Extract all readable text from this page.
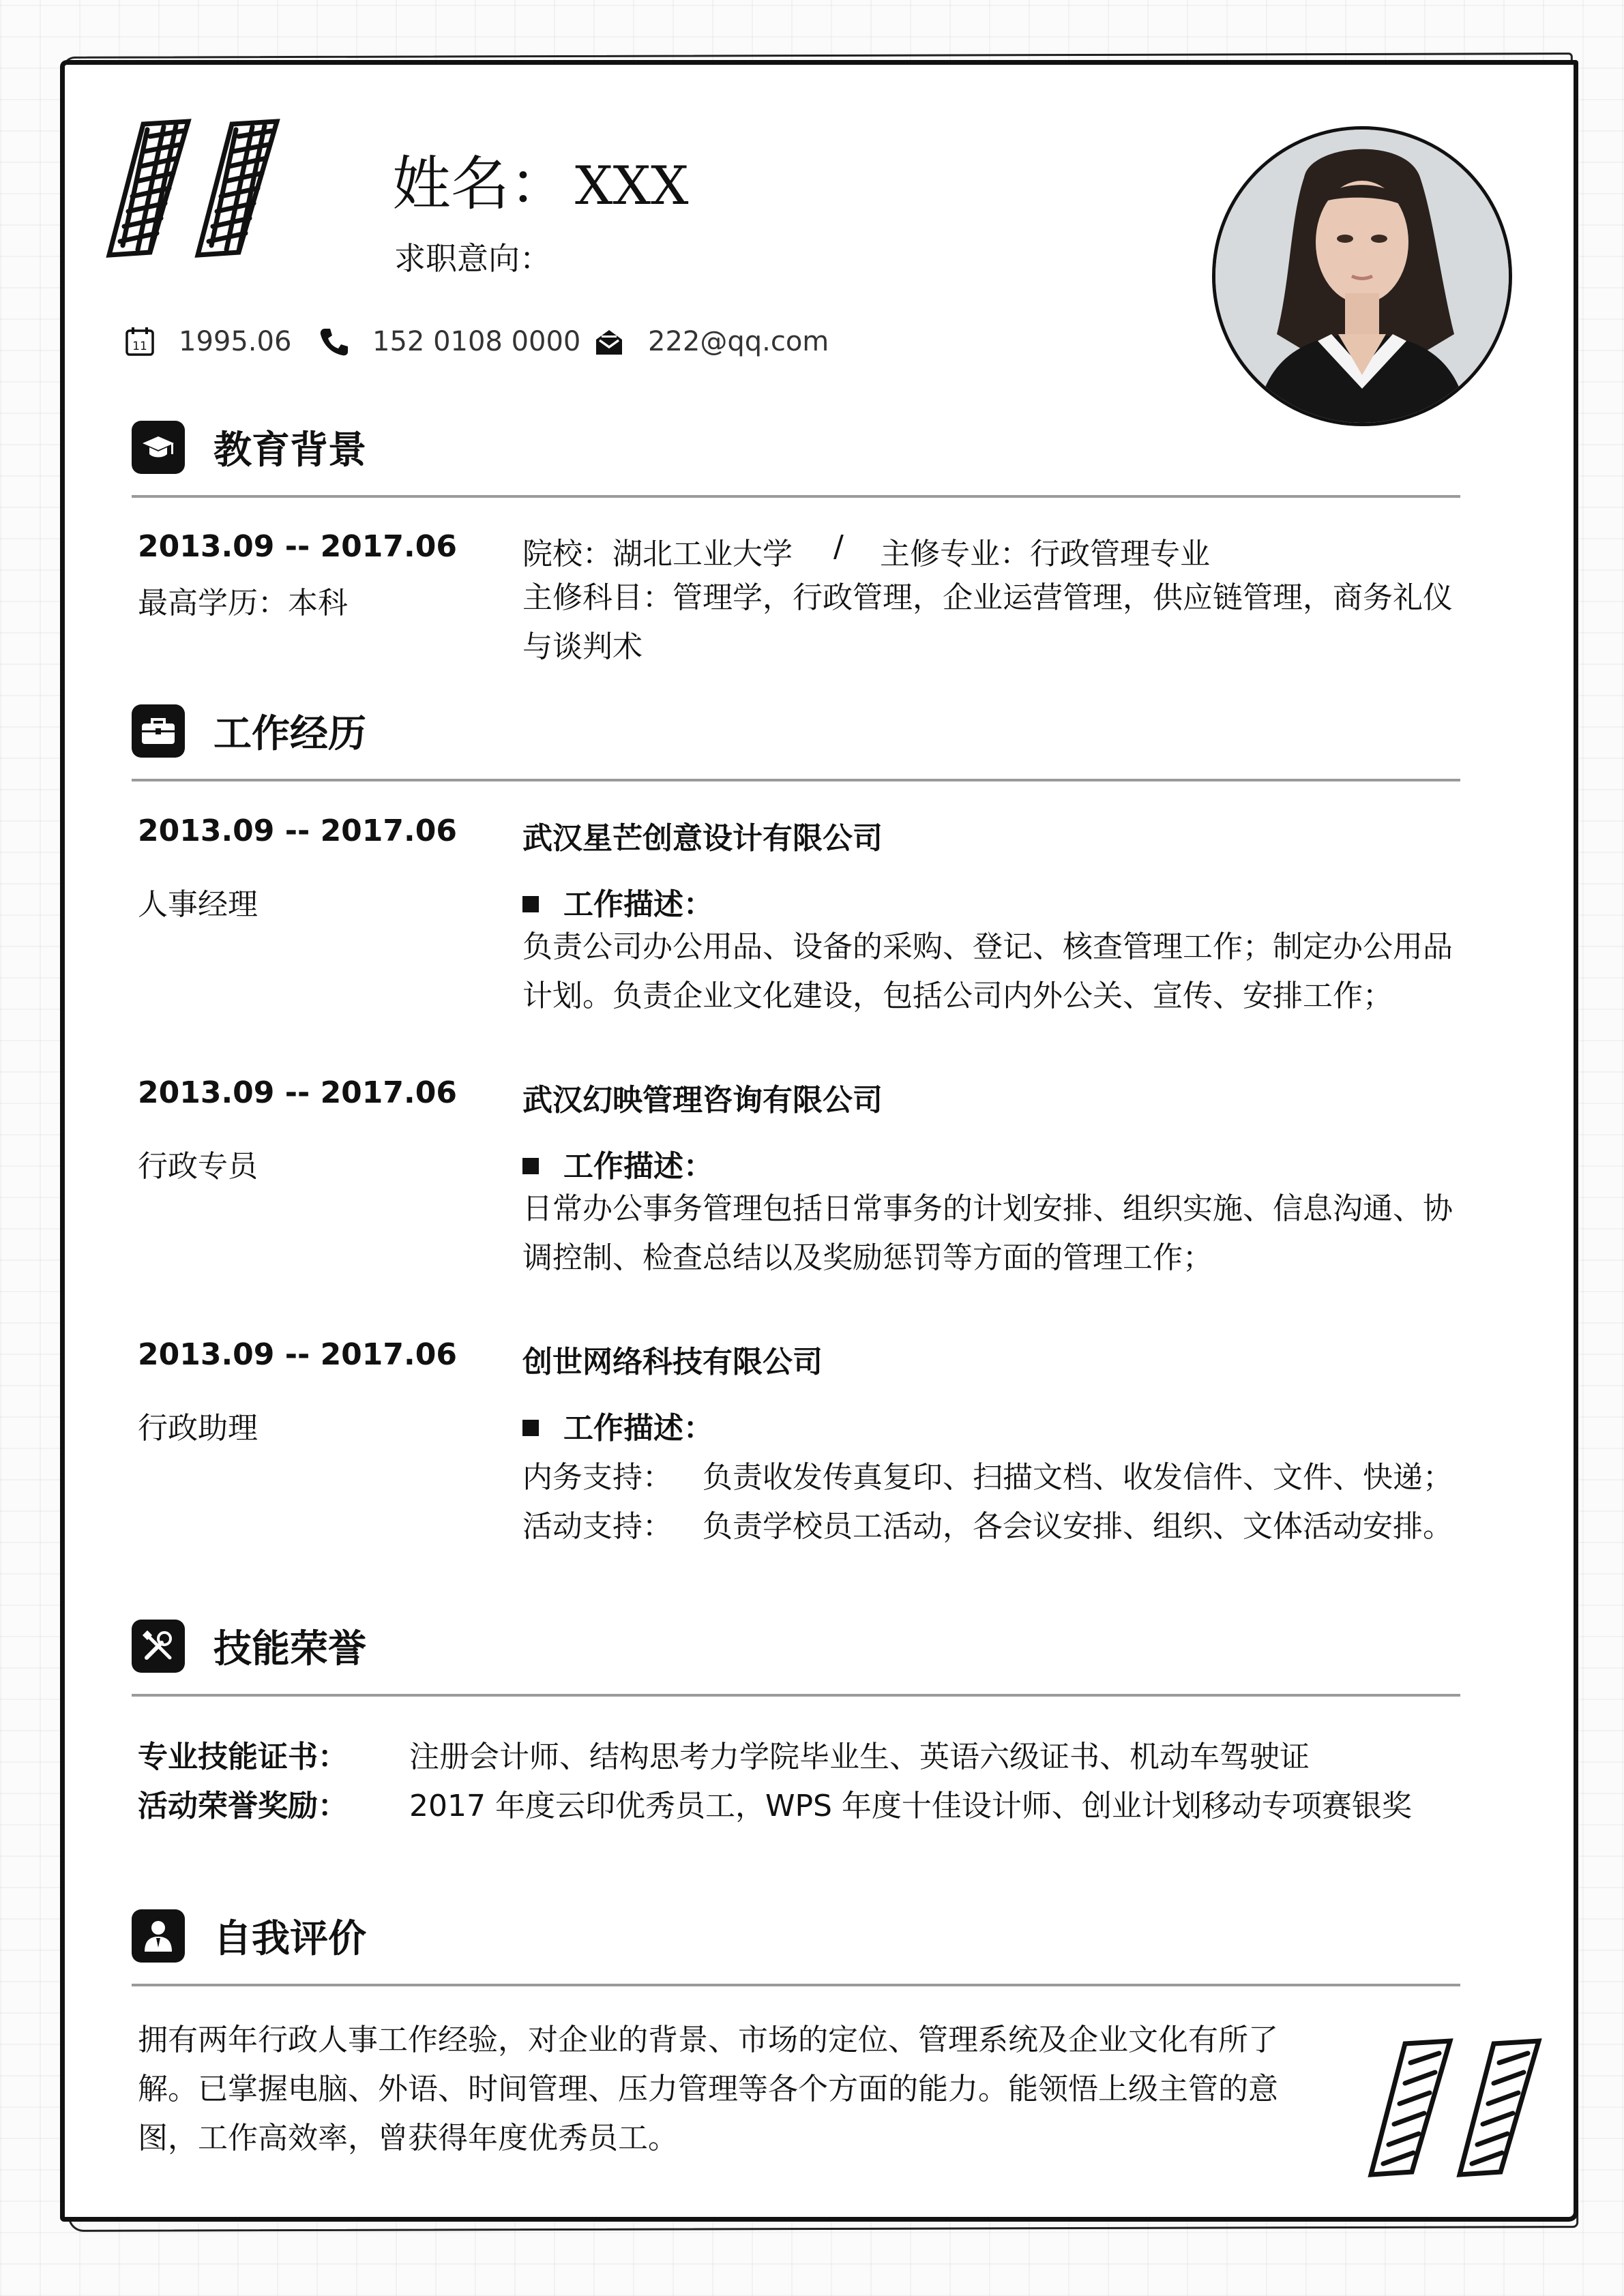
姓名： XXX
求职意向：
11 1995.06	152 0108 0000 222@qq.com
教育背景
2013.09 -- 2017.06
最高学历：本科
院校：湖北工业大学 / 主修专业：行政管理专业
主修科目：管理学，行政管理，企业运营管理，供应链管理，商务礼仪与谈判术
工作经历
2013.09 -- 2017.06
人事经理
武汉星芒创意设计有限公司
工作描述：
负责公司办公用品、设备的采购、登记、核查管理工作；制定办公用品计划。负责企业文化建设，包括公司内外公关、宣传、安排工作；
2013.09 -- 2017.06
行政专员
武汉幻映管理咨询有限公司
工作描述：
日常办公事务管理包括日常事务的计划安排、组织实施、信息沟通、协调控制、检查总结以及奖励惩罚等方面的管理工作；
2013.09 -- 2017.06
行政助理
创世网络科技有限公司
工作描述：
内务支持： 负责收发传真复印、扫描文档、收发信件、文件、快递；
活动支持： 负责学校员工活动，各会议安排、组织、文体活动安排。
技能荣誉
专业技能证书： 注册会计师、结构思考力学院毕业生、英语六级证书、机动车驾驶证
活动荣誉奖励： 2017 年度云印优秀员工，WPS 年度十佳设计师、创业计划移动专项赛银奖
自我评价
拥有两年行政人事工作经验，对企业的背景、市场的定位、管理系统及企业文化有所了解。已掌握电脑、外语、时间管理、压力管理等各个方面的能力。能领悟上级主管的意图，工作高效率，曾获得年度优秀员工。
